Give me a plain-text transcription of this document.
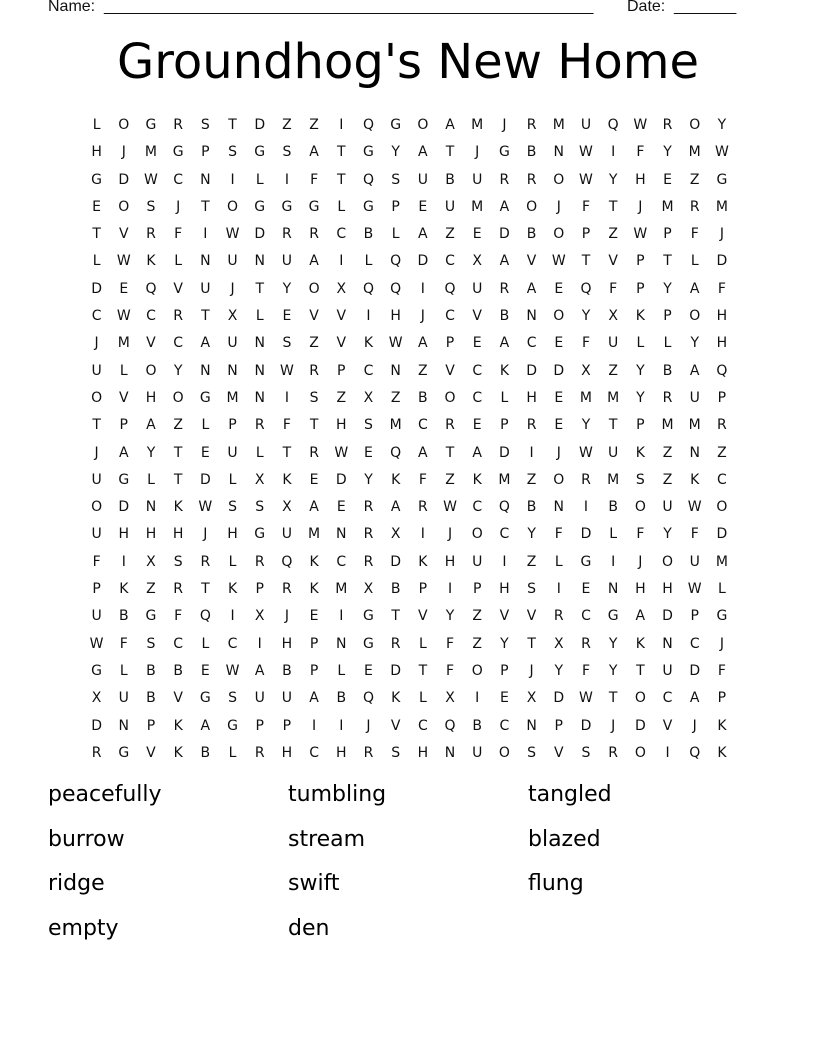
Name: _______________________________________________________ Date: _______
Groundhog's New Home
L	O	G	R	S	T	D	Z	Z	I	Q	G	O	A	M	J	R	M	U	Q	W	R	O	Y
H	J	M	G	P	S	G	S	A	T	G	Y	A	T	J	G	B	N	W	I	F	Y	M	W
G	D	W	C	N	I	L	I	F	T	Q	S	U	B	U	R	R	O	W	Y	H	E	Z	G
E	O	S	J	T	O	G	G	G	L	G	P	E	U	M	A	O	J	F	T	J	M	R	M
T	V	R	F	I	W	D	R	R	C	B	L	A	Z	E	D	B	O	P	Z	W	P	F	J
L	W	K	L	N	U	N	U	A	I	L	Q	D	C	X	A	V	W	T	V	P	T	L	D
D	E	Q	V	U	J	T	Y	O	X	Q	Q	I	Q	U	R	A	E	Q	F	P	Y	A	F
C	W	C	R	T	X	L	E	V	V	I	H	J	C	V	B	N	O	Y	X	K	P	O	H
J	M	V	C	A	U	N	S	Z	V	K	W	A	P	E	A	C	E	F	U	L	L	Y	H
U	L	O	Y	N	N	N	W	R	P	C	N	Z	V	C	K	D	D	X	Z	Y	B	A	Q
O	V	H	O	G	M	N	I	S	Z	X	Z	B	O	C	L	H	E	M	M	Y	R	U	P
T	P	A	Z	L	P	R	F	T	H	S	M	C	R	E	P	R	E	Y	T	P	M	M	R
J	A	Y	T	E	U	L	T	R	W	E	Q	A	T	A	D	I	J	W	U	K	Z	N	Z
U	G	L	T	D	L	X	K	E	D	Y	K	F	Z	K	M	Z	O	R	M	S	Z	K	C
O	D	N	K	W	S	S	X	A	E	R	A	R	W	C	Q	B	N	I	B	O	U	W	O
U	H	H	H	J	H	G	U	M	N	R	X	I	J	O	C	Y	F	D	L	F	Y	F	D
F	I	X	S	R	L	R	Q	K	C	R	D	K	H	U	I	Z	L	G	I	J	O	U	M
P	K	Z	R	T	K	P	R	K	M	X	B	P	I	P	H	S	I	E	N	H	H	W	L
U	B	G	F	Q	I	X	J	E	I	G	T	V	Y	Z	V	V	R	C	G	A	D	P	G
W	F	S	C	L	C	I	H	P	N	G	R	L	F	Z	Y	T	X	R	Y	K	N	C	J
G	L	B	B	E	W	A	B	P	L	E	D	T	F	O	P	J	Y	F	Y	T	U	D	F
X	U	B	V	G	S	U	U	A	B	Q	K	L	X	I	E	X	D	W	T	O	C	A	P
D	N	P	K	A	G	P	P	I	I	J	V	C	Q	B	C	N	P	D	J	D	V	J	K
R	G	V	K	B	L	R	H	C	H	R	S	H	N	U	O	S	V	S	R	O	I	Q	K
peacefully	tumbling	tangled
burrow	stream	blazed
ridge	swift	flung
empty	den
